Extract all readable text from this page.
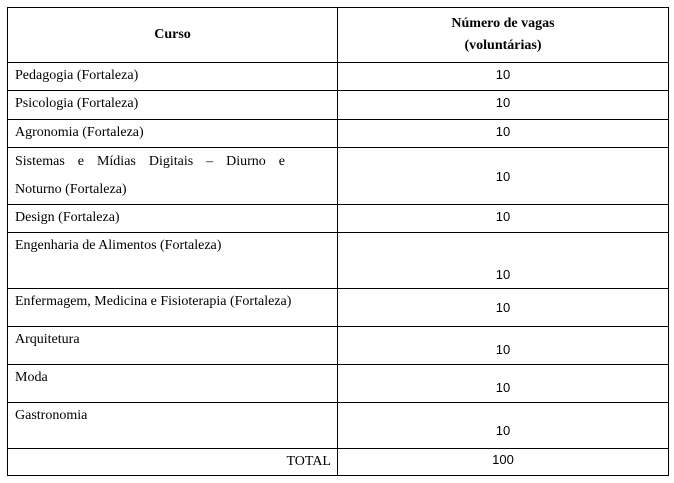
Curso	Número de vagas
(voluntárias)

Pedagogia (Fortaleza)	10
Psicologia (Fortaleza)	10
Agronomia (Fortaleza)	10

Sistemas e Mídias Digitais – Diurno e
Noturno (Fortaleza)	10
Design (Fortaleza)	10
Engenharia de Alimentos (Fortaleza)	10
Enfermagem, Medicina e Fisioterapia (Fortaleza)	10
Arquitetura	10
Moda	10
Gastronomia	10
TOTAL	100
